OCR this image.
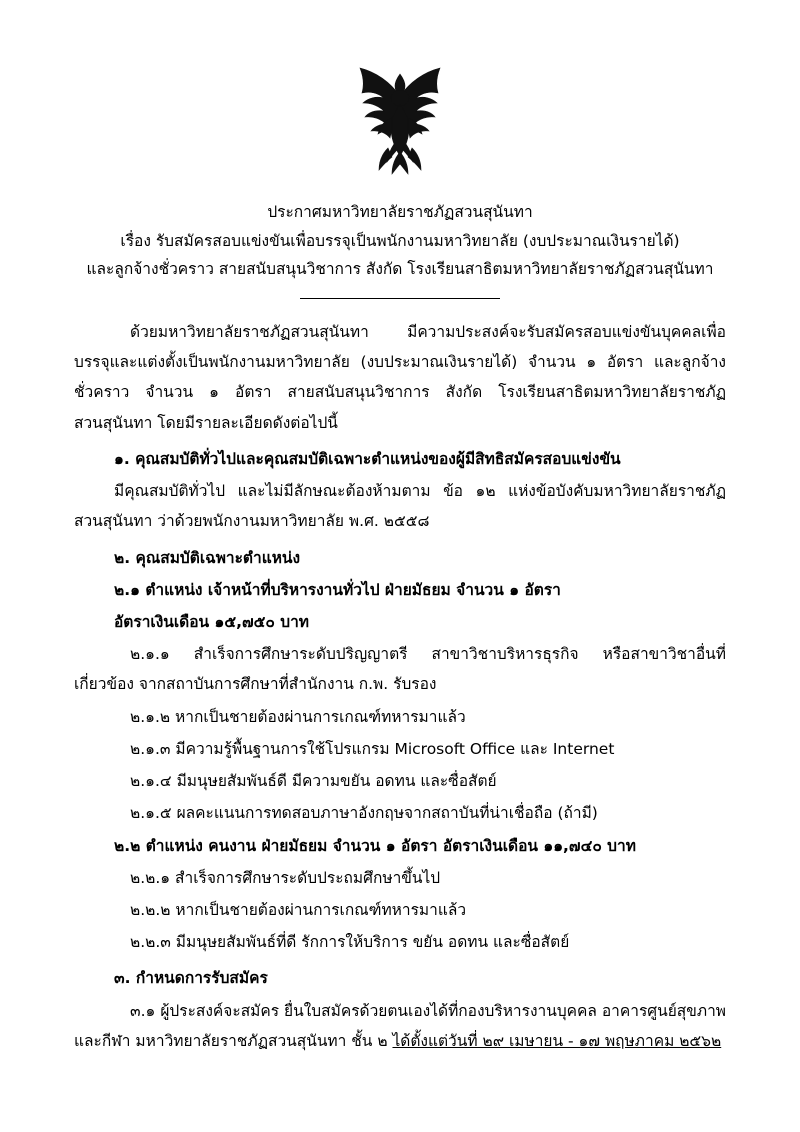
ประกาศมหาวิทยาลัยราชภัฏสวนสุนันทา
เรื่อง รับสมัครสอบแข่งขันเพื่อบรรจุเป็นพนักงานมหาวิทยาลัย (งบประมาณเงินรายได้)
และลูกจ้างชั่วคราว สายสนับสนุนวิชาการ สังกัด โรงเรียนสาธิตมหาวิทยาลัยราชภัฏสวนสุนันทา

ด้วยมหาวิทยาลัยราชภัฏสวนสุนันทา มีความประสงค์จะรับสมัครสอบแข่งขันบุคคลเพื่อบรรจุและแต่งตั้งเป็นพนักงานมหาวิทยาลัย (งบประมาณเงินรายได้) จำนวน ๑ อัตรา และลูกจ้างชั่วคราว จำนวน ๑ อัตรา สายสนับสนุนวิชาการ สังกัด โรงเรียนสาธิตมหาวิทยาลัยราชภัฏสวนสุนันทา โดยมีรายละเอียดดังต่อไปนี้

๑. คุณสมบัติทั่วไปและคุณสมบัติเฉพาะตำแหน่งของผู้มีสิทธิสมัครสอบแข่งขัน

มีคุณสมบัติทั่วไป และไม่มีลักษณะต้องห้ามตาม ข้อ ๑๒ แห่งข้อบังคับมหาวิทยาลัยราชภัฏสวนสุนันทา ว่าด้วยพนักงานมหาวิทยาลัย พ.ศ. ๒๕๕๘

๒. คุณสมบัติเฉพาะตำแหน่ง

๒.๑ ตำแหน่ง เจ้าหน้าที่บริหารงานทั่วไป ฝ่ายมัธยม จำนวน ๑ อัตรา

อัตราเงินเดือน ๑๕,๗๕๐ บาท

๒.๑.๑ สำเร็จการศึกษาระดับปริญญาตรี สาขาวิชาบริหารธุรกิจ หรือสาขาวิชาอื่นที่เกี่ยวข้อง จากสถาบันการศึกษาที่สำนักงาน ก.พ. รับรอง

๒.๑.๒ หากเป็นชายต้องผ่านการเกณฑ์ทหารมาแล้ว

๒.๑.๓ มีความรู้พื้นฐานการใช้โปรแกรม Microsoft Office และ Internet

๒.๑.๔ มีมนุษยสัมพันธ์ดี มีความขยัน อดทน และซื่อสัตย์

๒.๑.๕ ผลคะแนนการทดสอบภาษาอังกฤษจากสถาบันที่น่าเชื่อถือ (ถ้ามี)

๒.๒ ตำแหน่ง คนงาน ฝ่ายมัธยม จำนวน ๑ อัตรา อัตราเงินเดือน ๑๑,๗๔๐ บาท

๒.๒.๑ สำเร็จการศึกษาระดับประถมศึกษาขึ้นไป

๒.๒.๒ หากเป็นชายต้องผ่านการเกณฑ์ทหารมาแล้ว

๒.๒.๓ มีมนุษยสัมพันธ์ที่ดี รักการให้บริการ ขยัน อดทน และซื่อสัตย์

๓. กำหนดการรับสมัคร

๓.๑ ผู้ประสงค์จะสมัคร ยื่นใบสมัครด้วยตนเองได้ที่กองบริหารงานบุคคล อาคารศูนย์สุขภาพและกีฬา มหาวิทยาลัยราชภัฏสวนสุนันทา ชั้น ๒ ได้ตั้งแต่วันที่ ๒๙ เมษายน - ๑๗ พฤษภาคม ๒๕๖๒
